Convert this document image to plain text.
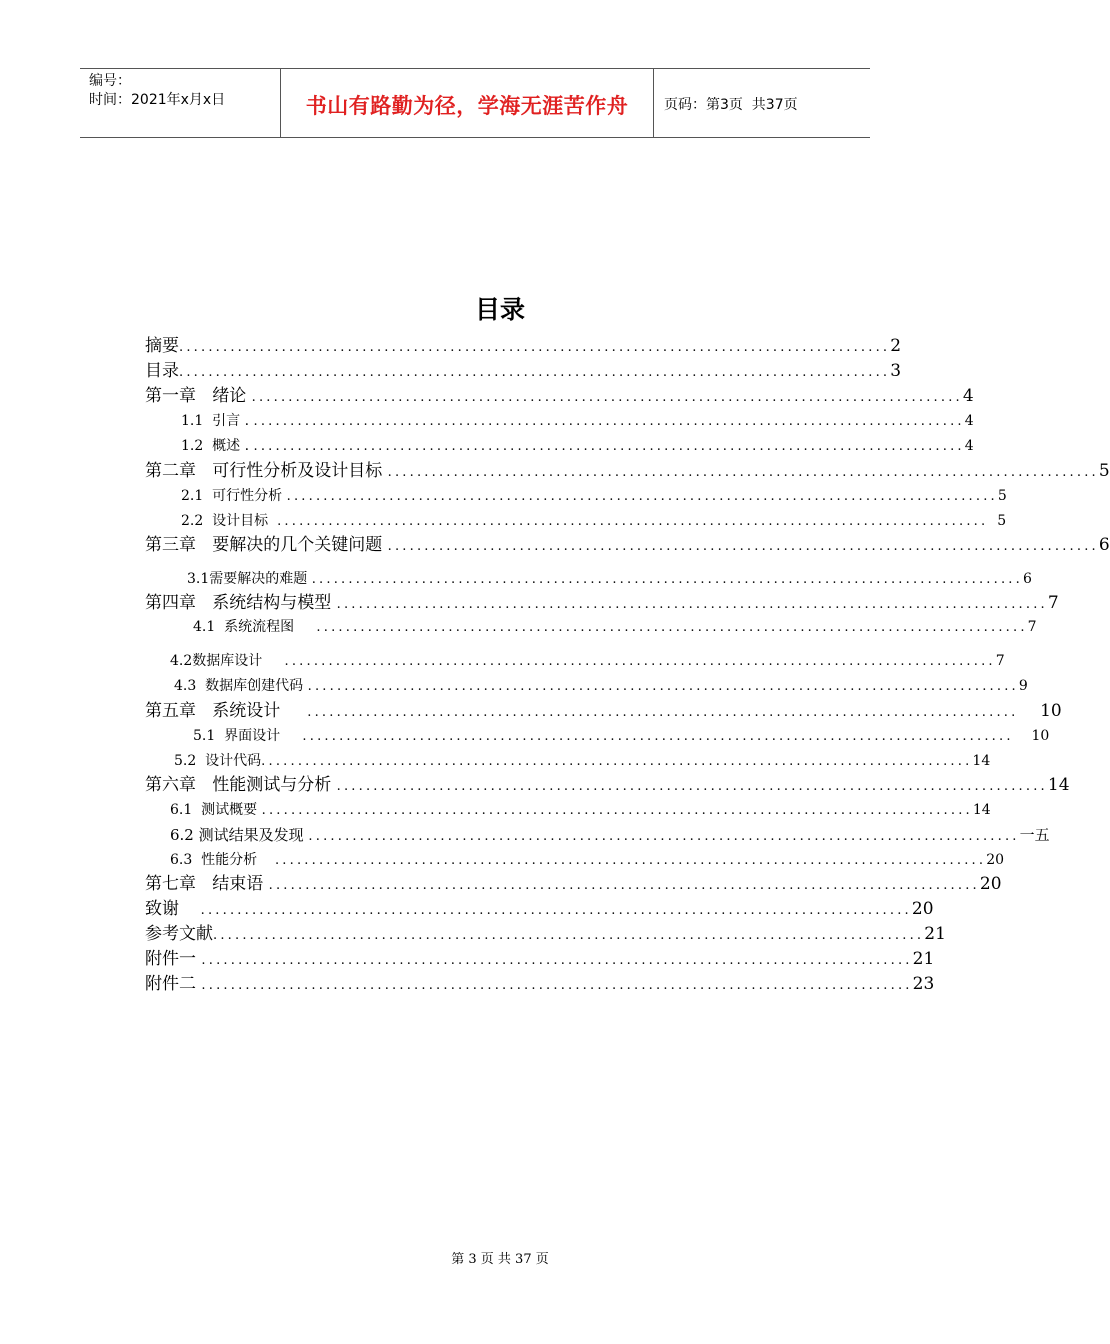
编号：
时间：2021年x月x日	书山有路勤为径，学海无涯苦作舟	页码：第3页  共37页
目录
摘要 ................................................................................................. 2
目录 ................................................................................................. 3
第一章   绪论 ................................................................................................. 4
1.1  引言 . ................................................................................................. 4
1.2  概述 . ................................................................................................. 4
第二章   可行性分析及设计目标 ................................................................................................. 5
2.1  可行性分析 ................................................................................................. 5
2.2  设计目标 ................................................................................................. 5
第三章   要解决的几个关键问题 ................................................................................................. 6
3.1需要解决的难题 ................................................................................................. 6
第四章   系统结构与模型 ................................................................................................. 7
4.1  系统流程图 ................................................................................................. 7
4.2数据库设计 ................................................................................................. 7
4.3  数据库创建代码 ................................................................................................. 9
第五章   系统设计 ................................................................................................. 10
5.1  界面设计 ................................................................................................. 10
5.2  设计代码 ................................................................................................. 14
第六章   性能测试与分析 ................................................................................................. 14
6.1  测试概要 ................................................................................................. 14
6.2 测试结果及发现 ................................................................................................. 一五
6.3  性能分析 ................................................................................................. 20
第七章   结束语 ................................................................................................. 20
致谢 ................................................................................................. 20
参考文献 ................................................................................................. 21
附件一 ................................................................................................. 21
附件二 ................................................................................................. 23
第 3 页 共 37 页
